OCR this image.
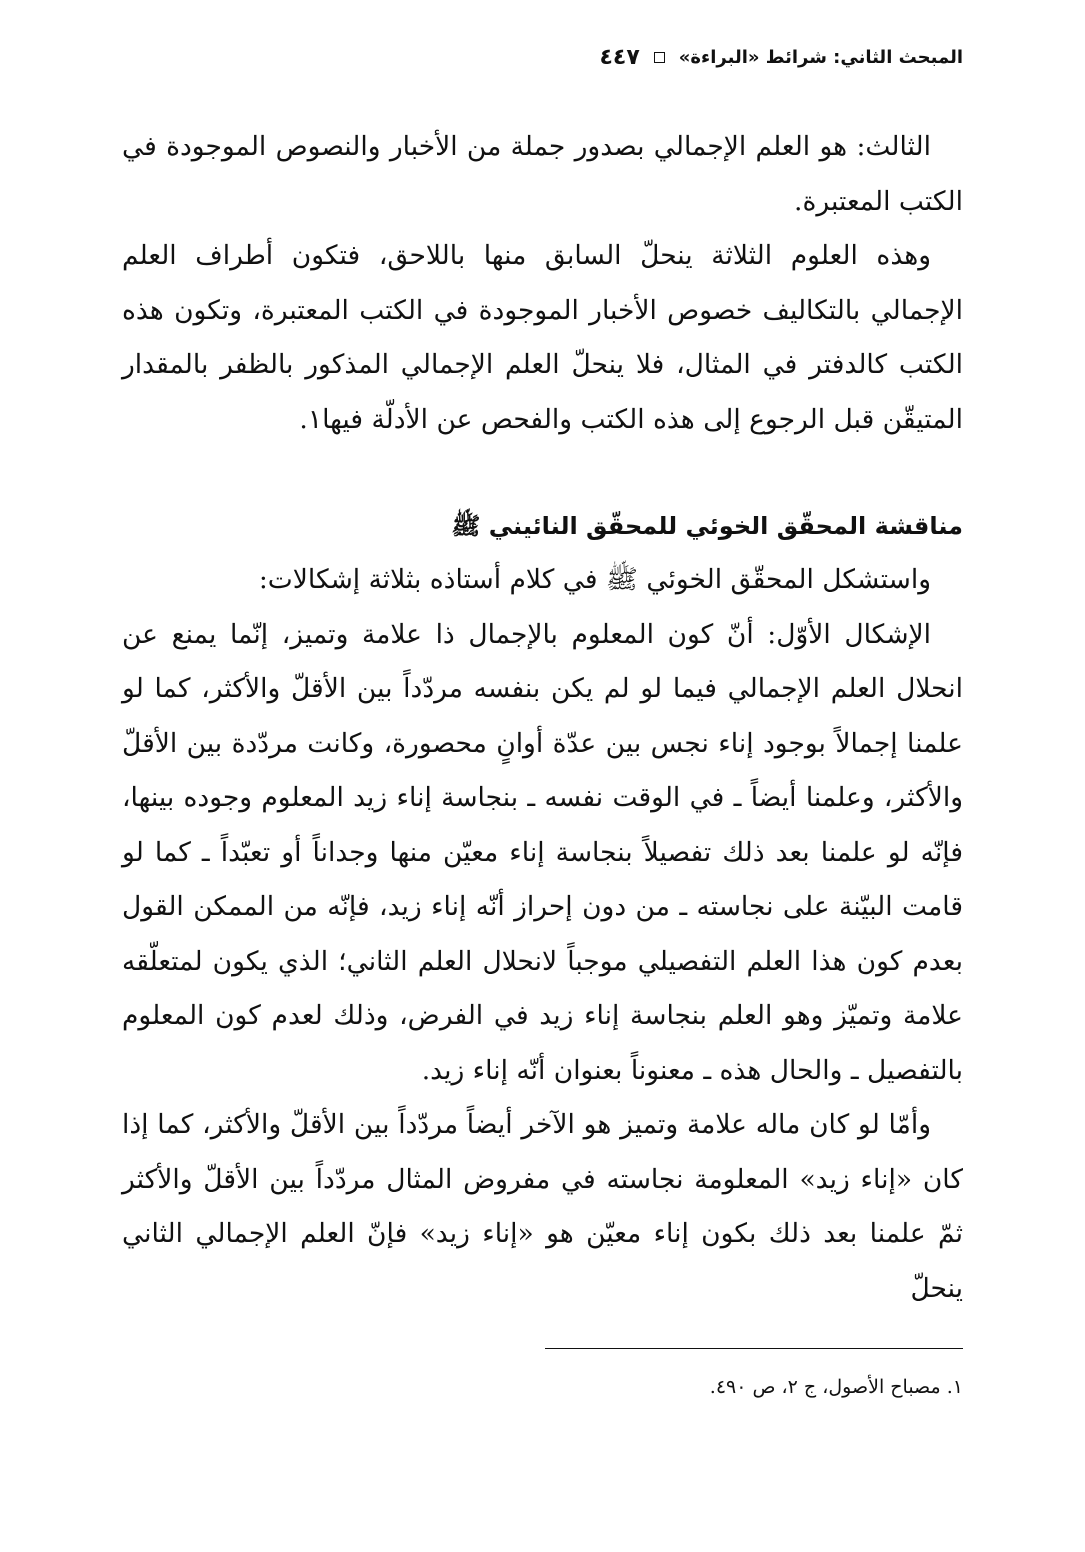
المبحث الثاني: شرائط «البراءة»
٤٤٧

الثالث: هو العلم الإجمالي بصدور جملة من الأخبار والنصوص الموجودة في الكتب المعتبرة.

وهذه العلوم الثلاثة ينحلّ السابق منها باللاحق، فتكون أطراف العلم الإجمالي بالتكاليف خصوص الأخبار الموجودة في الكتب المعتبرة، وتكون هذه الكتب كالدفتر في المثال، فلا ينحلّ العلم الإجمالي المذكور بالظفر بالمقدار المتيقّن قبل الرجوع إلى هذه الكتب والفحص عن الأدلّة فيها١.

مناقشة المحقّق الخوئي للمحقّق النائيني ﷺ

واستشكل المحقّق الخوئي ﷺ في كلام أستاذه بثلاثة إشكالات:

الإشكال الأوّل: أنّ كون المعلوم بالإجمال ذا علامة وتميز، إنّما يمنع عن انحلال العلم الإجمالي فيما لو لم يكن بنفسه مردّداً بين الأقلّ والأكثر، كما لو علمنا إجمالاً بوجود إناء نجس بين عدّة أوانٍ محصورة، وكانت مردّدة بين الأقلّ والأكثر، وعلمنا أيضاً ـ في الوقت نفسه ـ بنجاسة إناء زيد المعلوم وجوده بينها، فإنّه لو علمنا بعد ذلك تفصيلاً بنجاسة إناء معيّن منها وجداناً أو تعبّداً ـ كما لو قامت البيّنة على نجاسته ـ من دون إحراز أنّه إناء زيد، فإنّه من الممكن القول بعدم كون هذا العلم التفصيلي موجباً لانحلال العلم الثاني؛ الذي يكون لمتعلّقه علامة وتميّز وهو العلم بنجاسة إناء زيد في الفرض، وذلك لعدم كون المعلوم بالتفصيل ـ والحال هذه ـ معنوناً بعنوان أنّه إناء زيد.

وأمّا لو كان ماله علامة وتميز هو الآخر أيضاً مردّداً بين الأقلّ والأكثر، كما إذا كان «إناء زيد» المعلومة نجاسته في مفروض المثال مردّداً بين الأقلّ والأكثر ثمّ علمنا بعد ذلك بكون إناء معيّن هو «إناء زيد» فإنّ العلم الإجمالي الثاني ينحلّ

١. مصباح الأصول، ج ٢، ص ٤٩٠.
